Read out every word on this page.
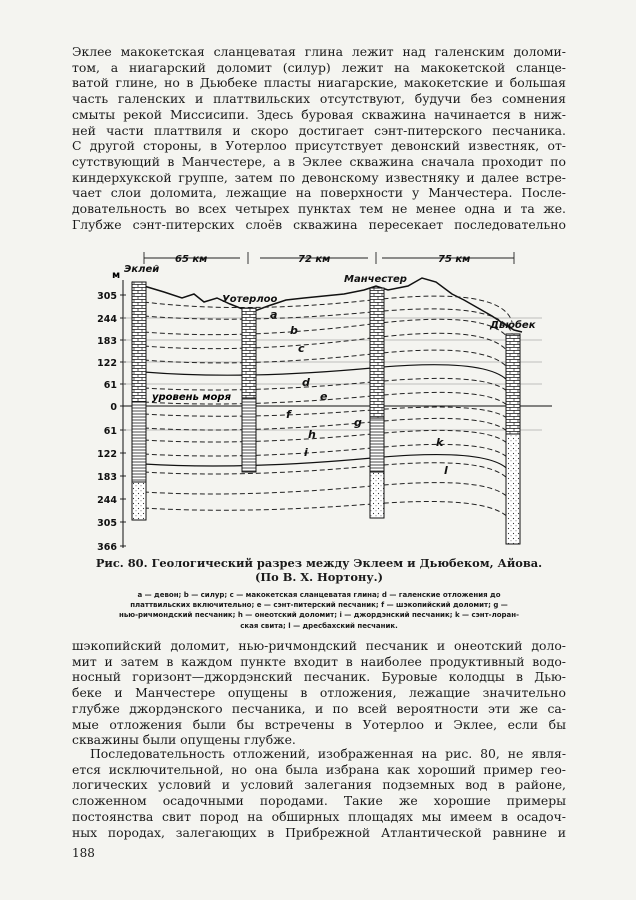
Эклее макокетская сланцеватая глина лежит над галенским доломи-
том, а ниагарский доломит (силур) лежит на макокетской сланце-
ватой глине, но в Дьюбеке пласты ниагарские, макокетские и большая
часть галенских и платтвильских отсутствуют, будучи без сомнения
смыты рекой Миссисипи. Здесь буровая скважина начинается в ниж-
ней части платтвиля и скоро достигает сэнт-питерского песчаника.
С другой стороны, в Уотерлоо присутствует девонский известняк, от-
сутствующий в Манчестере, а в Эклее скважина сначала проходит по
киндерхукской группе, затем по девонскому известняку и далее встре-
чает слои доломита, лежащие на поверхности у Манчестера. После-
довательность во всех четырех пунктах тем не менее одна и та же.
Глубже сэнт-питерских слоёв скважина пересекает последовательно
65 км	72 км	75 км
м
305
244
183
122
61
0
61
122
183
244
305
366
уровень моря
Эклей
Уотерлоо
Манчестер
Дьюбек
a
b
c
d
e
f
g
h
i
k
l
Рис. 80. Геологический разрез между Эклеем и Дьюбеком, Айова.
(По В. Х. Нортону.)
a — девон; b — силур; c — макокетская сланцеватая глина; d — галенские отложения до
платтвильских включительно; e — сэнт-питерский песчаник; f — шэкопийский доломит; g —
нью-ричмондский песчаник; h — онеотский доломит; i — джордэнский песчаник; k — сэнт-лоран-
ская свита; l — дресбахский песчаник.
шэкопийский доломит, нью-ричмондский песчаник и онеотский доло-
мит и затем в каждом пункте входит в наиболее продуктивный водо-
носный горизонт—джордэнский песчаник. Буровые колодцы в Дью-
беке и Манчестере опущены в отложения, лежащие значительно
глубже джордэнского песчаника, и по всей вероятности эти же са-
мые отложения были бы встречены в Уотерлоо и Эклее, если бы
скважины были опущены глубже.
Последовательность отложений, изображенная на рис. 80, не явля-
ется исключительной, но она была избрана как хороший пример гео-
логических условий и условий залегания подземных вод в районе,
сложенном осадочными породами. Такие же хорошие примеры
постоянства свит пород на обширных площадях мы имеем в осадоч-
ных породах, залегающих в Прибрежной Атлантической равнине и
188
